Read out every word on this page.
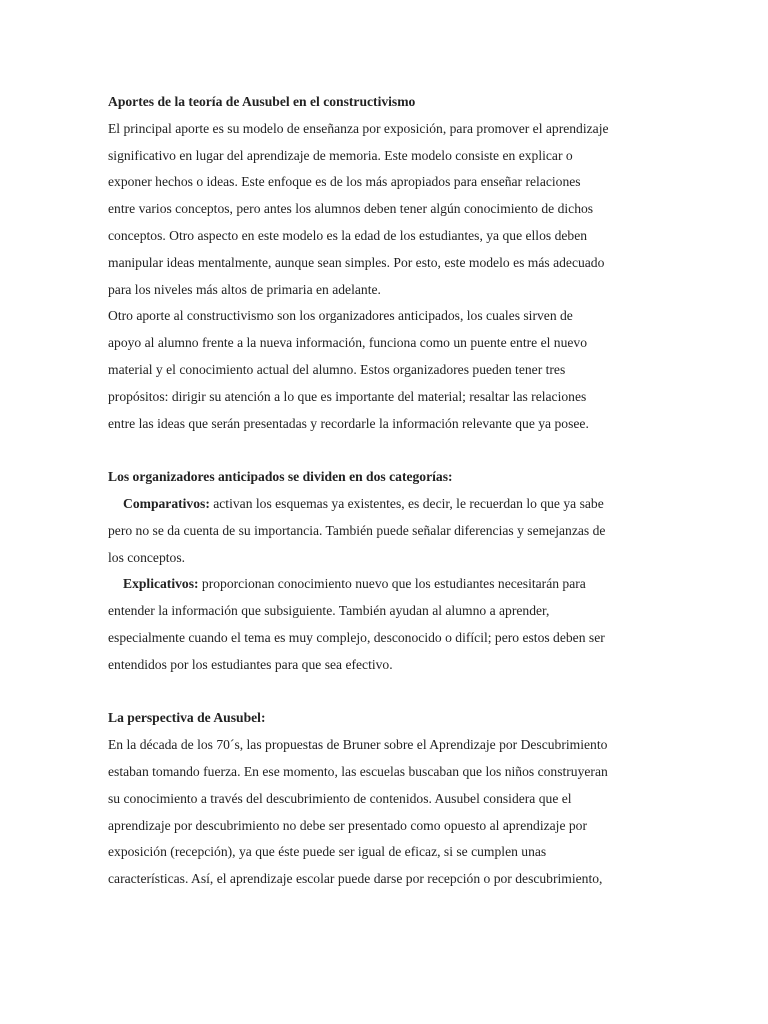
Aportes de la teoría de Ausubel en el constructivismo
El principal aporte es su modelo de enseñanza por exposición, para promover el aprendizaje
significativo en lugar del aprendizaje de memoria. Este modelo consiste en explicar o
exponer hechos o ideas. Este enfoque es de los más apropiados para enseñar relaciones
entre varios conceptos, pero antes los alumnos deben tener algún conocimiento de dichos
conceptos. Otro aspecto en este modelo es la edad de los estudiantes, ya que ellos deben
manipular ideas mentalmente, aunque sean simples. Por esto, este modelo es más adecuado
para los niveles más altos de primaria en adelante.
Otro aporte al constructivismo son los organizadores anticipados, los cuales sirven de
apoyo al alumno frente a la nueva información, funciona como un puente entre el nuevo
material y el conocimiento actual del alumno. Estos organizadores pueden tener tres
propósitos: dirigir su atención a lo que es importante del material; resaltar las relaciones
entre las ideas que serán presentadas y recordarle la información relevante que ya posee.
Los organizadores anticipados se dividen en dos categorías:
Comparativos: activan los esquemas ya existentes, es decir, le recuerdan lo que ya sabe
pero no se da cuenta de su importancia. También puede señalar diferencias y semejanzas de
los conceptos.
Explicativos: proporcionan conocimiento nuevo que los estudiantes necesitarán para
entender la información que subsiguiente. También ayudan al alumno a aprender,
especialmente cuando el tema es muy complejo, desconocido o difícil; pero estos deben ser
entendidos por los estudiantes para que sea efectivo.
La perspectiva de Ausubel:
En la década de los 70´s, las propuestas de Bruner sobre el Aprendizaje por Descubrimiento
estaban tomando fuerza. En ese momento, las escuelas buscaban que los niños construyeran
su conocimiento a través del descubrimiento de contenidos. Ausubel considera que el
aprendizaje por descubrimiento no debe ser presentado como opuesto al aprendizaje por
exposición (recepción), ya que éste puede ser igual de eficaz, si se cumplen unas
características. Así, el aprendizaje escolar puede darse por recepción o por descubrimiento,
